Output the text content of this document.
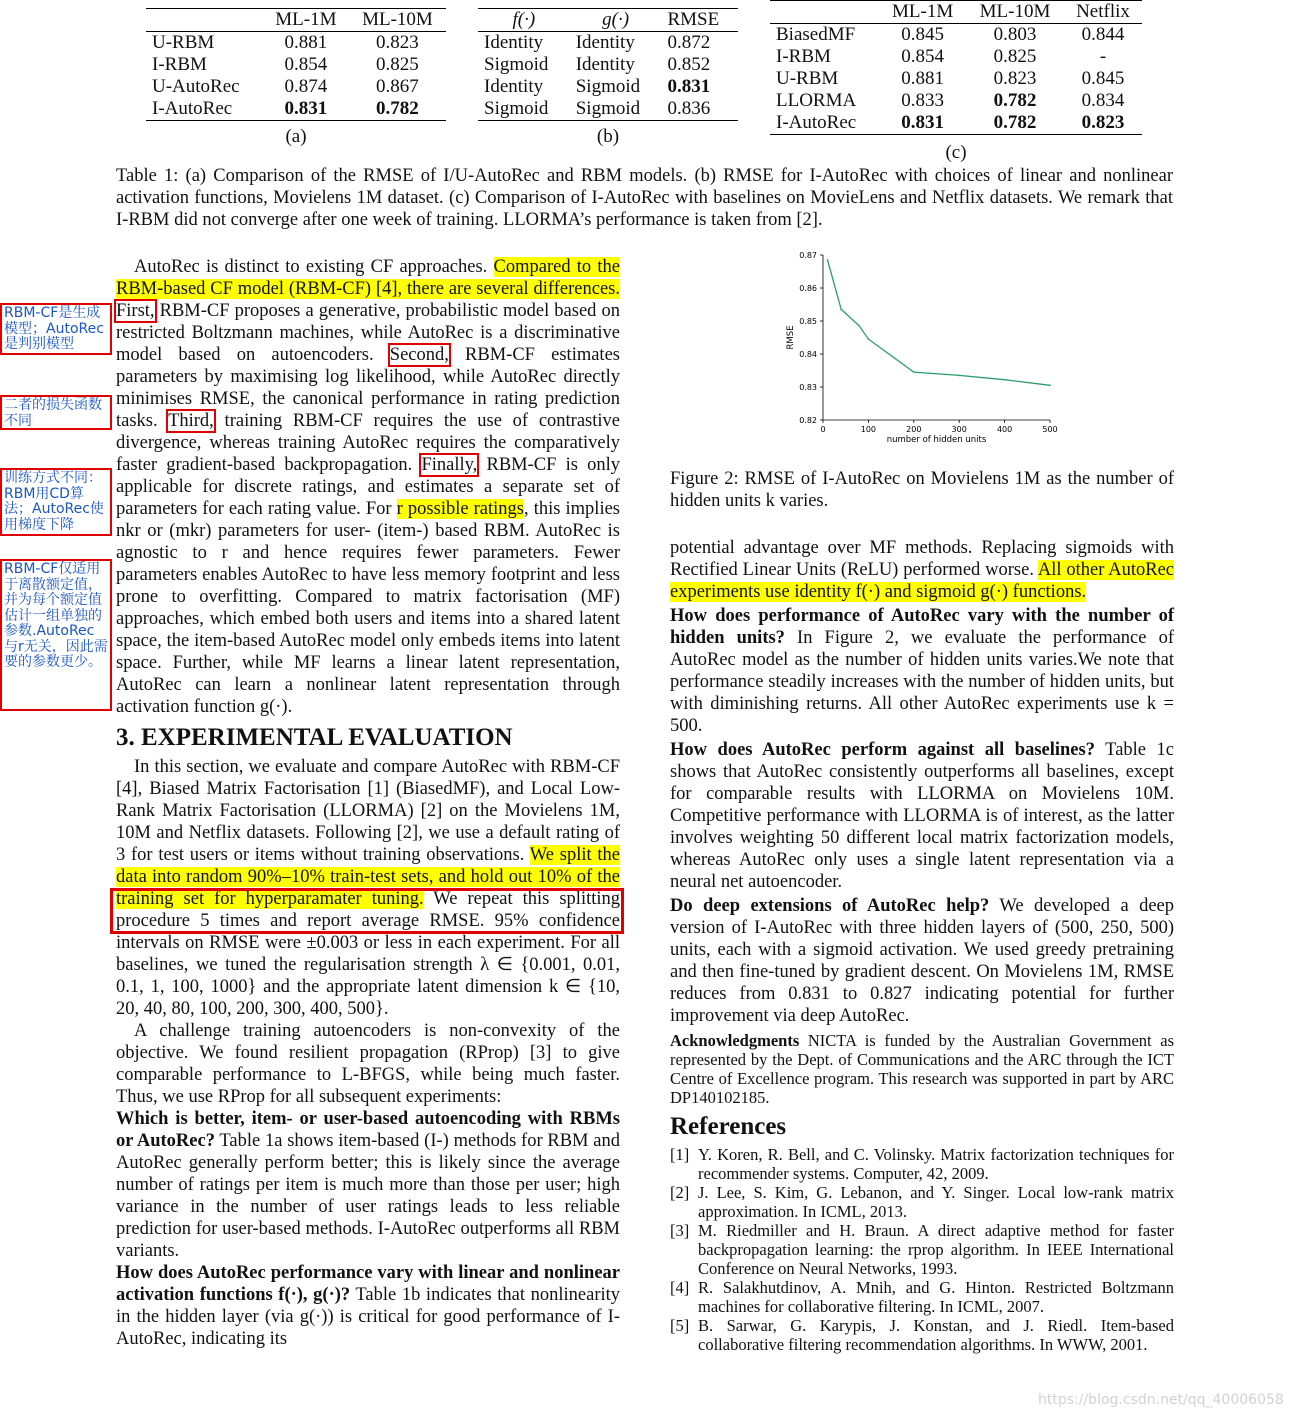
	ML-1M	ML-10M
U-RBM	0.881	0.823
I-RBM	0.854	0.825
U-AutoRec	0.874	0.867
I-AutoRec	0.831	0.782
(a)
f(·)	g(·)	RMSE
Identity	Identity	0.872
Sigmoid	Identity	0.852
Identity	Sigmoid	0.831
Sigmoid	Sigmoid	0.836
(b)
	ML-1M	ML-10M	Netflix
BiasedMF	0.845	0.803	0.844
I-RBM	0.854	0.825	-
U-RBM	0.881	0.823	0.845
LLORMA	0.833	0.782	0.834
I-AutoRec	0.831	0.782	0.823
(c)

Table 1: (a) Comparison of the RMSE of I/U-AutoRec and RBM models. (b) RMSE for I-AutoRec with choices of linear and nonlinear activation functions, Movielens 1M dataset. (c) Comparison of I-AutoRec with baselines on MovieLens and Netflix datasets. We remark that I-RBM did not converge after one week of training. LLORMA’s performance is taken from [2].

RBM-CF是生成模型；AutoRec是判别模型
二者的损失函数不同
训练方式不同：RBM用CD算法；AutoRec使用梯度下降
RBM-CF仅适用于离散额定值，并为每个额定值估计一组单独的参数.AutoRec与r无关，因此需要的参数更少。

AutoRec is distinct to existing CF approaches. Compared to the RBM-based CF model (RBM-CF) [4], there are several differences. First, RBM-CF proposes a generative, probabilistic model based on restricted Boltzmann machines, while AutoRec is a discriminative model based on autoencoders. Second, RBM-CF estimates parameters by maximising log likelihood, while AutoRec directly minimises RMSE, the canonical performance in rating prediction tasks. Third, training RBM-CF requires the use of contrastive divergence, whereas training AutoRec requires the comparatively faster gradient-based backpropagation. Finally, RBM-CF is only applicable for discrete ratings, and estimates a separate set of parameters for each rating value. For r possible ratings, this implies nkr or (mkr) parameters for user- (item-) based RBM. AutoRec is agnostic to r and hence requires fewer parameters. Fewer parameters enables AutoRec to have less memory footprint and less prone to overfitting. Compared to matrix factorisation (MF) approaches, which embed both users and items into a shared latent space, the item-based AutoRec model only embeds items into latent space. Further, while MF learns a linear latent representation, AutoRec can learn a nonlinear latent representation through activation function g(·).

3. EXPERIMENTAL EVALUATION

In this section, we evaluate and compare AutoRec with RBM-CF [4], Biased Matrix Factorisation [1] (BiasedMF), and Local Low-Rank Matrix Factorisation (LLORMA) [2] on the Movielens 1M, 10M and Netflix datasets. Following [2], we use a default rating of 3 for test users or items without training observations. We split the data into random 90%–10% train-test sets, and hold out 10% of the training set for hyperparamater tuning. We repeat this splitting procedure 5 times and report average RMSE. 95% confidence intervals on RMSE were ±0.003 or less in each experiment. For all baselines, we tuned the regularisation strength λ ∈ {0.001, 0.01, 0.1, 1, 100, 1000} and the appropriate latent dimension k ∈ {10, 20, 40, 80, 100, 200, 300, 400, 500}.

A challenge training autoencoders is non-convexity of the objective. We found resilient propagation (RProp) [3] to give comparable performance to L-BFGS, while being much faster. Thus, we use RProp for all subsequent experiments:

Which is better, item- or user-based autoencoding with RBMs or AutoRec? Table 1a shows item-based (I-) methods for RBM and AutoRec generally perform better; this is likely since the average number of ratings per item is much more than those per user; high variance in the number of user ratings leads to less reliable prediction for user-based methods. I-AutoRec outperforms all RBM variants.

How does AutoRec performance vary with linear and nonlinear activation functions f(·), g(·)? Table 1b indicates that nonlinearity in the hidden layer (via g(·)) is critical for good performance of I-AutoRec, indicating its

0.82
0.83
0.84
0.85
0.86
0.87
0	100	200	300	400	500
number of hidden units
RMSE

Figure 2: RMSE of I-AutoRec on Movielens 1M as the number of hidden units k varies.

potential advantage over MF methods. Replacing sigmoids with Rectified Linear Units (ReLU) performed worse. All other AutoRec experiments use identity f(·) and sigmoid g(·) functions.

How does performance of AutoRec vary with the number of hidden units? In Figure 2, we evaluate the performance of AutoRec model as the number of hidden units varies.We note that performance steadily increases with the number of hidden units, but with diminishing returns. All other AutoRec experiments use k = 500.

How does AutoRec perform against all baselines? Table 1c shows that AutoRec consistently outperforms all baselines, except for comparable results with LLORMA on Movielens 10M. Competitive performance with LLORMA is of interest, as the latter involves weighting 50 different local matrix factorization models, whereas AutoRec only uses a single latent representation via a neural net autoencoder.

Do deep extensions of AutoRec help? We developed a deep version of I-AutoRec with three hidden layers of (500, 250, 500) units, each with a sigmoid activation. We used greedy pretraining and then fine-tuned by gradient descent. On Movielens 1M, RMSE reduces from 0.831 to 0.827 indicating potential for further improvement via deep AutoRec.

Acknowledgments NICTA is funded by the Australian Government as represented by the Dept. of Communications and the ARC through the ICT Centre of Excellence program. This research was supported in part by ARC DP140102185.

References
[1] Y. Koren, R. Bell, and C. Volinsky. Matrix factorization techniques for recommender systems. Computer, 42, 2009.
[2] J. Lee, S. Kim, G. Lebanon, and Y. Singer. Local low-rank matrix approximation. In ICML, 2013.
[3] M. Riedmiller and H. Braun. A direct adaptive method for faster backpropagation learning: the rprop algorithm. In IEEE International Conference on Neural Networks, 1993.
[4] R. Salakhutdinov, A. Mnih, and G. Hinton. Restricted Boltzmann machines for collaborative filtering. In ICML, 2007.
[5] B. Sarwar, G. Karypis, J. Konstan, and J. Riedl. Item-based collaborative filtering recommendation algorithms. In WWW, 2001.
https://blog.csdn.net/qq_40006058
